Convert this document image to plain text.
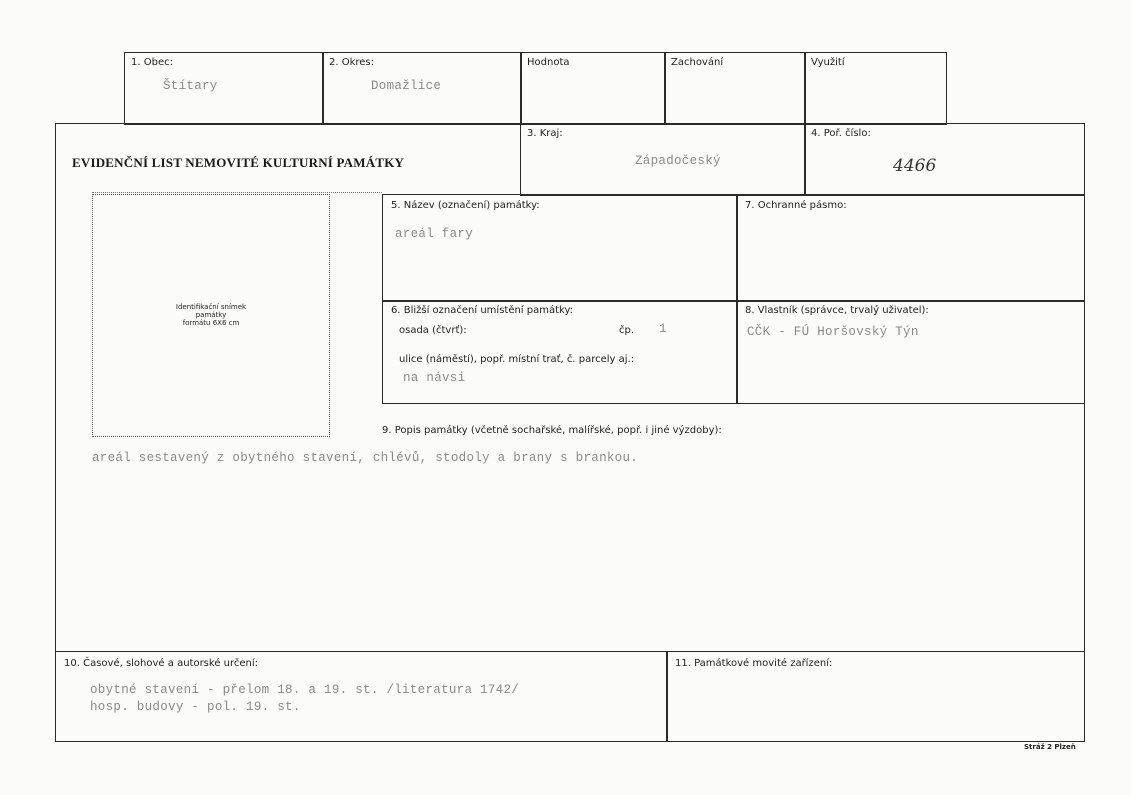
1. Obec:
Štítary
2. Okres:
Domažlice
Hodnota	Zachování	Využití
EVIDENČNÍ LIST NEMOVITÉ KULTURNÍ PAMÁTKY
3. Kraj:
Západočeský
4. Poř. číslo:
4466
Identifikační snímek
památky
formátu 6X6 cm
5. Název (označení) památky:
areál fary
7. Ochranné pásmo:
6. Bližší označení umístění památky:
osada (čtvrť):	čp. 1
ulice (náměstí), popř. místní trať, č. parcely aj.:
na návsi
8. Vlastník (správce, trvalý uživatel):
CČK - FÚ Horšovský Týn
9. Popis památky (včetně sochařské, malířské, popř. i jiné výzdoby):
areál sestavený z obytného stavení, chlévů, stodoly a brany s brankou.
10. Časové, slohové a autorské určení:
obytné stavení - přelom 18. a 19. st. /literatura 1742/
hosp. budovy - pol. 19. st.
11. Památkové movité zařízení:
Stráž 2 Plzeň
